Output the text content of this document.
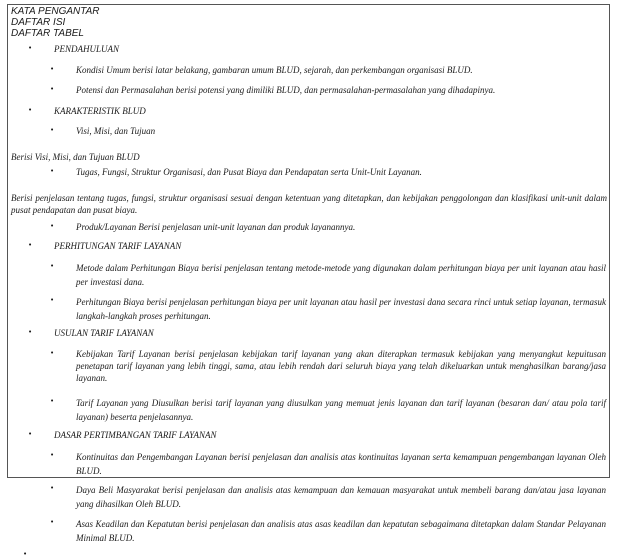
KATA PENGANTAR
DAFTAR ISI
DAFTAR TABEL
• PENDAHULUAN
• Kondisi Umum berisi latar belakang, gambaran umum BLUD, sejarah, dan perkembangan organisasi BLUD.
• Potensi dan Permasalahan berisi potensi yang dimiliki BLUD, dan permasalahan-permasalahan yang dihadapinya.
• KARAKTERISTIK BLUD
• Visi, Misi, dan Tujuan
Berisi Visi, Misi, dan Tujuan BLUD
• Tugas, Fungsi, Struktur Organisasi, dan Pusat Biaya dan Pendapatan serta Unit-Unit Layanan.
Berisi penjelasan tentang tugas, fungsi, struktur organisasi sesuai dengan ketentuan yang ditetapkan, dan kebijakan penggolongan dan klasifikasi unit-unit dalam pusat pendapatan dan pusat biaya.
• Produk/Layanan Berisi penjelasan unit-unit layanan dan produk layanannya.
• PERHITUNGAN TARIF LAYANAN
• Metode dalam Perhitungan Biaya berisi penjelasan tentang metode-metode yang digunakan dalam perhitungan biaya per unit layanan atau hasil per investasi dana.
• Perhitungan Biaya berisi penjelasan perhitungan biaya per unit layanan atau hasil per investasi dana secara rinci untuk setiap layanan, termasuk langkah-langkah proses perhitungan.
• USULAN TARIF LAYANAN
• Kebijakan Tarif Layanan berisi penjelasan kebijakan tarif layanan yang akan diterapkan termasuk kebijakan yang menyangkut kepuitusan penetapan tarif layanan yang lebih tinggi, sama, atau lebih rendah dari seluruh biaya yang telah dikeluarkan untuk menghasilkan barang/jasa layanan.
• Tarif Layanan yang Diusulkan berisi tarif layanan yang diusulkan yang memuat jenis layanan dan tarif layanan (besaran dan/ atau pola tarif layanan) beserta penjelasannya.
• DASAR PERTIMBANGAN TARIF LAYANAN
• Kontinuitas dan Pengembangan Layanan berisi penjelasan dan analisis atas kontinuitas layanan serta kemampuan pengembangan layanan Oleh BLUD.
• Daya Beli Masyarakat berisi penjelasan dan analisis atas kemampuan dan kemauan masyarakat untuk membeli barang dan/atau jasa layanan yang dihasilkan Oleh BLUD.
• Asas Keadilan dan Kepatutan berisi penjelasan dan analisis atas asas keadilan dan kepatutan sebagaimana ditetapkan dalam Standar Pelayanan Minimal BLUD.
•
